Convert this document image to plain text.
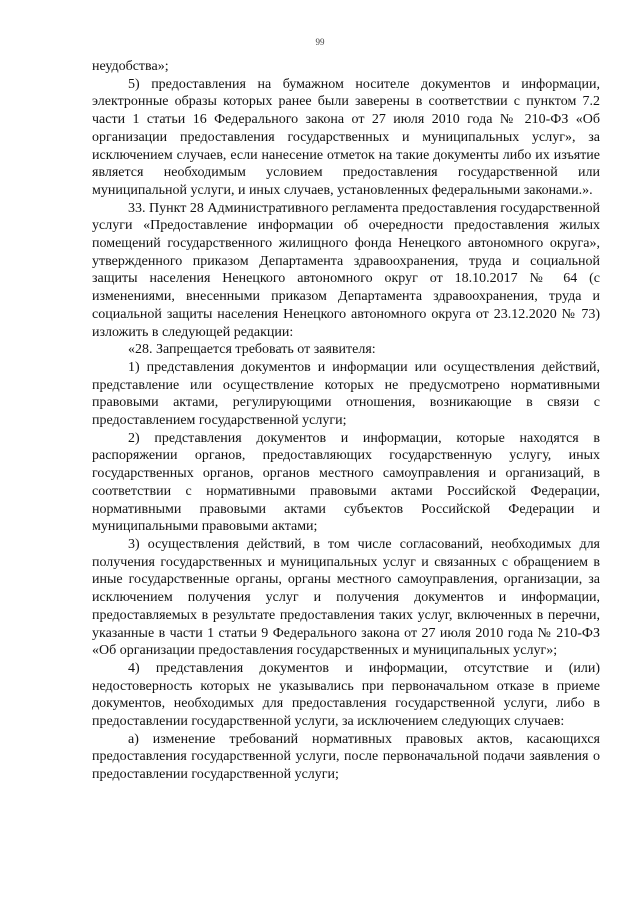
99

неудобства»;

5) предоставления на бумажном носителе документов и информации, электронные образы которых ранее были заверены в соответствии с пунктом 7.2 части 1 статьи 16 Федерального закона от 27 июля 2010 года № 210-ФЗ «Об организации предоставления государственных и муниципальных услуг», за исключением случаев, если нанесение отметок на такие документы либо их изъятие является необходимым условием предоставления государственной или муниципальной услуги, и иных случаев, установленных федеральными законами.».

33. Пункт 28 Административного регламента предоставления государственной услуги «Предоставление информации об очередности предоставления жилых помещений государственного жилищного фонда Ненецкого автономного округа», утвержденного приказом Департамента здравоохранения, труда и социальной защиты населения Ненецкого автономного округ от 18.10.2017 № 64 (с изменениями, внесенными приказом Департамента здравоохранения, труда и социальной защиты населения Ненецкого автономного округа от 23.12.2020 № 73) изложить в следующей редакции:

«28. Запрещается требовать от заявителя:

1) представления документов и информации или осуществления действий, представление или осуществление которых не предусмотрено нормативными правовыми актами, регулирующими отношения, возникающие в связи с предоставлением государственной услуги;

2) представления документов и информации, которые находятся в распоряжении органов, предоставляющих государственную услугу, иных государственных органов, органов местного самоуправления и организаций, в соответствии с нормативными правовыми актами Российской Федерации, нормативными правовыми актами субъектов Российской Федерации и муниципальными правовыми актами;

3) осуществления действий, в том числе согласований, необходимых для получения государственных и муниципальных услуг и связанных с обращением в иные государственные органы, органы местного самоуправления, организации, за исключением получения услуг и получения документов и информации, предоставляемых в результате предоставления таких услуг, включенных в перечни, указанные в части 1 статьи 9 Федерального закона от 27 июля 2010 года № 210-ФЗ «Об организации предоставления государственных и муниципальных услуг»;

4) представления документов и информации, отсутствие и (или) недостоверность которых не указывались при первоначальном отказе в приеме документов, необходимых для предоставления государственной услуги, либо в предоставлении государственной услуги, за исключением следующих случаев:

а) изменение требований нормативных правовых актов, касающихся предоставления государственной услуги, после первоначальной подачи заявления о предоставлении государственной услуги;
